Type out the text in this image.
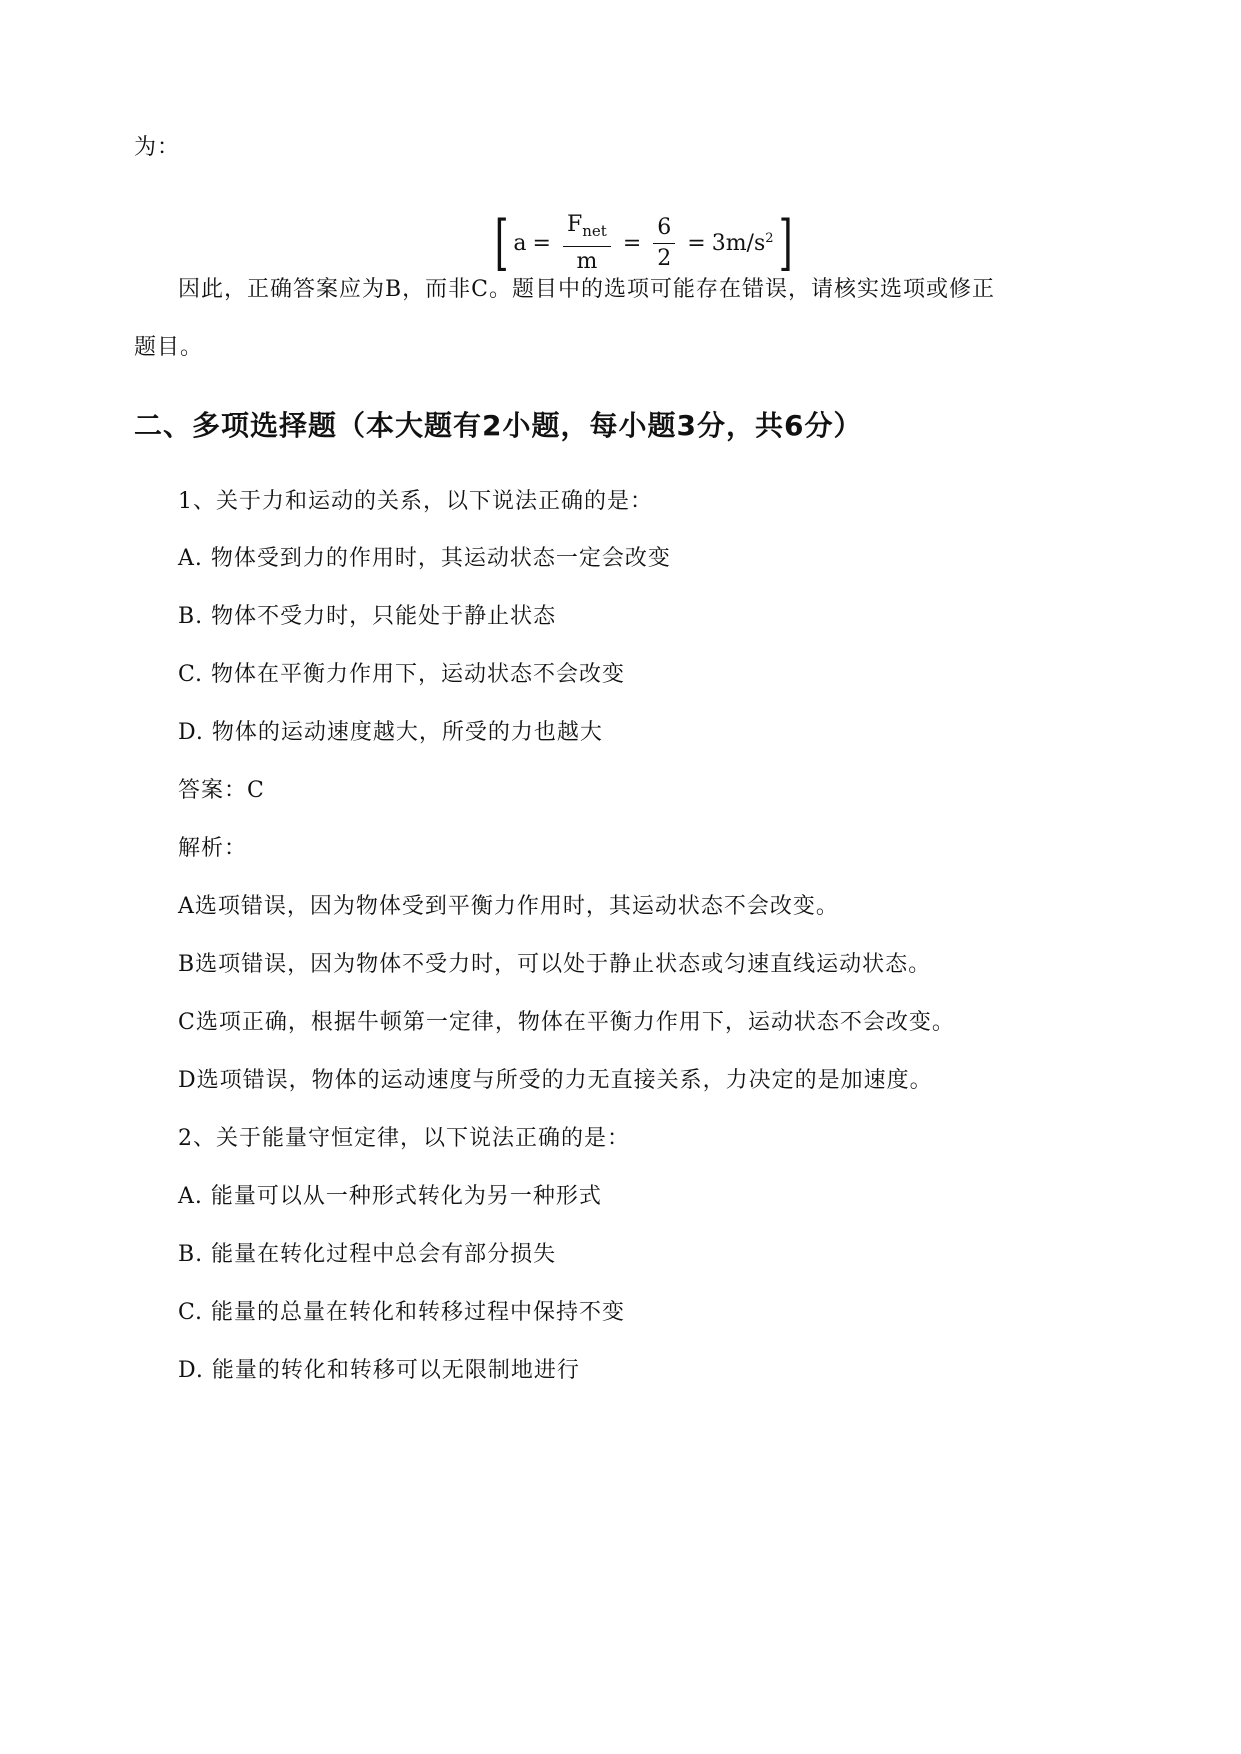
为：
[ $a = \frac{F_{net}}{m} = \frac{6}{2} = 3m/s^2$ ]
因此，正确答案应为B，而非C。题目中的选项可能存在错误，请核实选项或修正
题目。
二、多项选择题（本大题有2小题，每小题3分，共6分）
1、关于力和运动的关系，以下说法正确的是：
A. 物体受到力的作用时，其运动状态一定会改变
B. 物体不受力时，只能处于静止状态
C. 物体在平衡力作用下，运动状态不会改变
D. 物体的运动速度越大，所受的力也越大
答案：C
解析：
A选项错误，因为物体受到平衡力作用时，其运动状态不会改变。
B选项错误，因为物体不受力时，可以处于静止状态或匀速直线运动状态。
C选项正确，根据牛顿第一定律，物体在平衡力作用下，运动状态不会改变。
D选项错误，物体的运动速度与所受的力无直接关系，力决定的是加速度。
2、关于能量守恒定律，以下说法正确的是：
A. 能量可以从一种形式转化为另一种形式
B. 能量在转化过程中总会有部分损失
C. 能量的总量在转化和转移过程中保持不变
D. 能量的转化和转移可以无限制地进行
